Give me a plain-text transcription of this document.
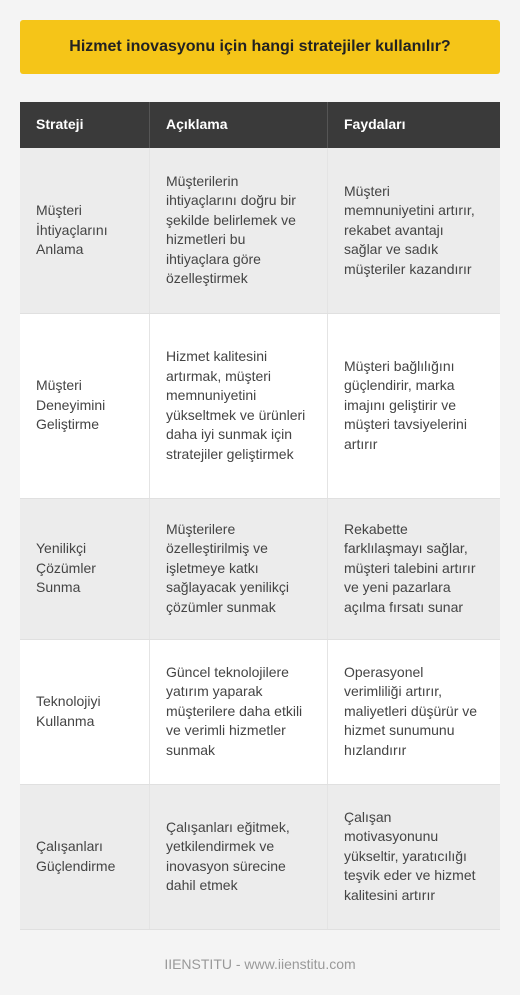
Hizmet inovasyonu için hangi stratejiler kullanılır?
Strateji	Açıklama	Faydaları
Müşteri İhtiyaçlarını Anlama	Müşterilerin ihtiyaçlarını doğru bir şekilde belirlemek ve hizmetleri bu ihtiyaçlara göre özelleştirmek	Müşteri memnuniyetini artırır, rekabet avantajı sağlar ve sadık müşteriler kazandırır
Müşteri Deneyimini Geliştirme	Hizmet kalitesini artırmak, müşteri memnuniyetini yükseltmek ve ürünleri daha iyi sunmak için stratejiler geliştirmek	Müşteri bağlılığını güçlendirir, marka imajını geliştirir ve müşteri tavsiyelerini artırır
Yenilikçi Çözümler Sunma	Müşterilere özelleştirilmiş ve işletmeye katkı sağlayacak yenilikçi çözümler sunmak	Rekabette farklılaşmayı sağlar, müşteri talebini artırır ve yeni pazarlara açılma fırsatı sunar
Teknolojiyi Kullanma	Güncel teknolojilere yatırım yaparak müşterilere daha etkili ve verimli hizmetler sunmak	Operasyonel verimliliği artırır, maliyetleri düşürür ve hizmet sunumunu hızlandırır
Çalışanları Güçlendirme	Çalışanları eğitmek, yetkilendirmek ve inovasyon sürecine dahil etmek	Çalışan motivasyonunu yükseltir, yaratıcılığı teşvik eder ve hizmet kalitesini artırır
IIENSTITU - www.iienstitu.com
